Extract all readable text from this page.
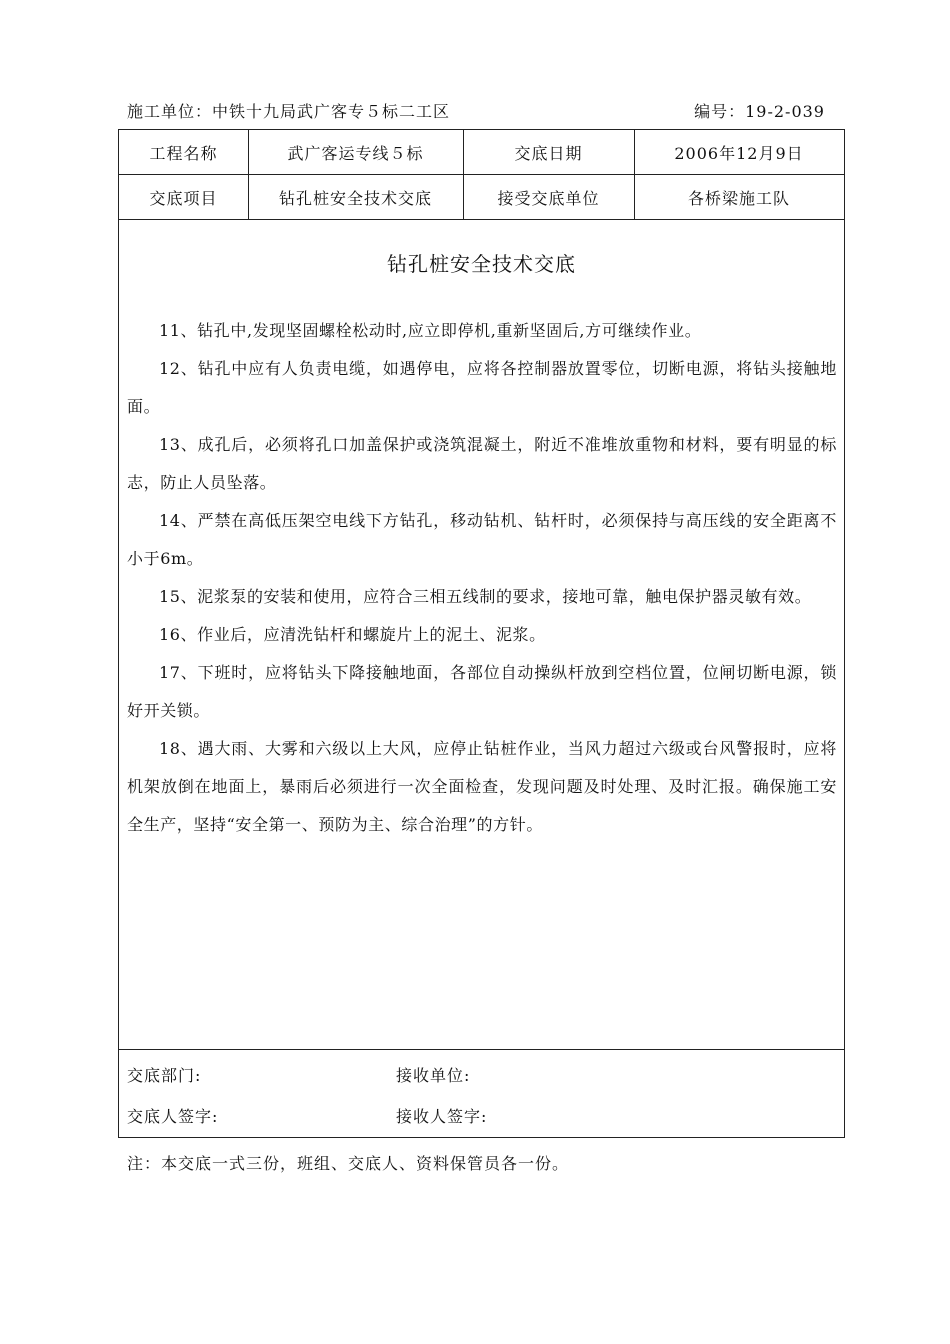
施工单位：中铁十九局武广客专５标二工区	编号：19-2-039
工程名称	武广客运专线５标	交底日期	2006年12月9日
交底项目	钻孔桩安全技术交底	接受交底单位	各桥梁施工队
钻孔桩安全技术交底

11、钻孔中,发现坚固螺栓松动时,应立即停机,重新坚固后,方可继续作业。

12、钻孔中应有人负责电缆，如遇停电，应将各控制器放置零位，切断电源，将钻头接触地面。

13、成孔后，必须将孔口加盖保护或浇筑混凝土，附近不准堆放重物和材料，要有明显的标志，防止人员坠落。

14、严禁在高低压架空电线下方钻孔，移动钻机、钻杆时，必须保持与高压线的安全距离不小于6m。

15、泥浆泵的安装和使用，应符合三相五线制的要求，接地可靠，触电保护器灵敏有效。

16、作业后，应清洗钻杆和螺旋片上的泥土、泥浆。

17、下班时，应将钻头下降接触地面，各部位自动操纵杆放到空档位置，位闸切断电源，锁好开关锁。

18、遇大雨、大雾和六级以上大风，应停止钻桩作业，当风力超过六级或台风警报时，应将机架放倒在地面上，暴雨后必须进行一次全面检查，发现问题及时处理、及时汇报。确保施工安全生产，坚持“安全第一、预防为主、综合治理”的方针。

交底部门:	接收单位:
交底人签字:	接收人签字:
注：本交底一式三份，班组、交底人、资料保管员各一份。
